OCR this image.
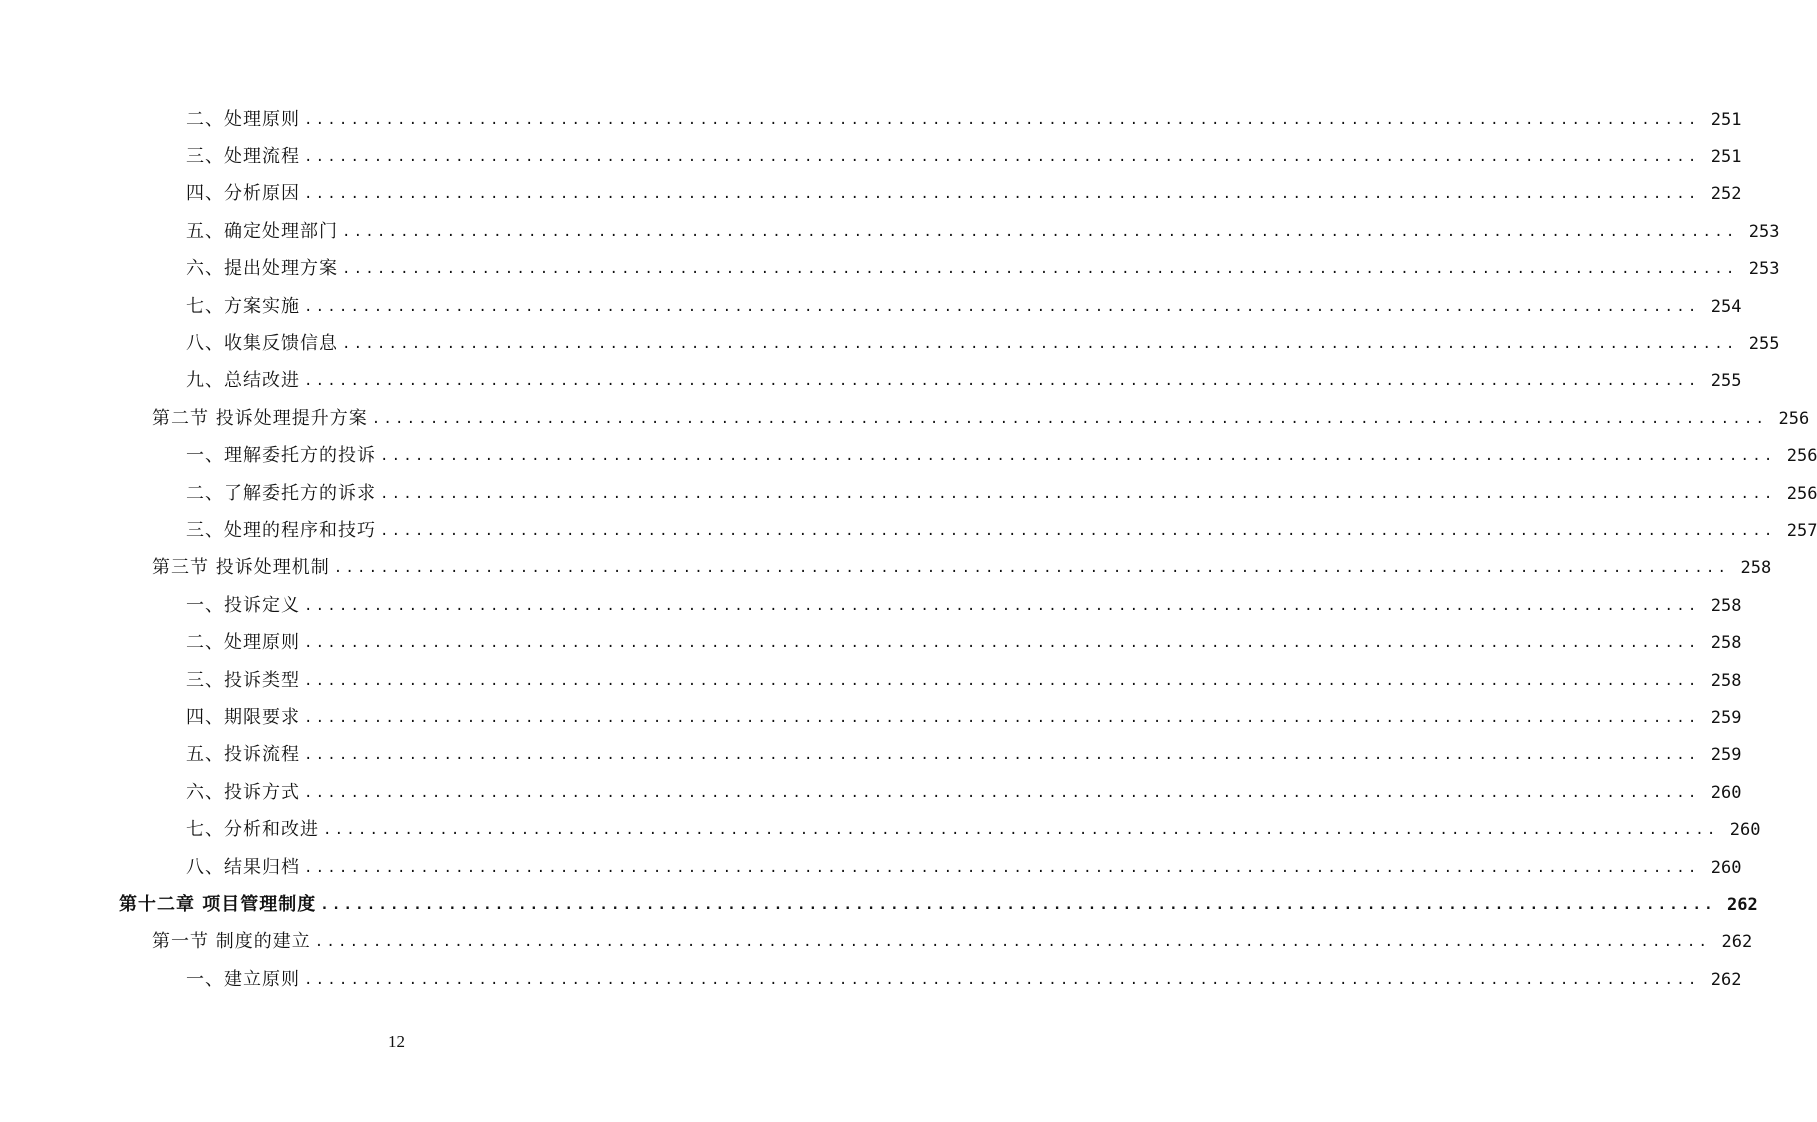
二、处理原则 ........................................................................................................................ 251
三、处理流程 ........................................................................................................................ 251
四、分析原因 ........................................................................................................................ 252
五、确定处理部门 ........................................................................................................................ 253
六、提出处理方案 ........................................................................................................................ 253
七、方案实施 ........................................................................................................................ 254
八、收集反馈信息 ........................................................................................................................ 255
九、总结改进 ........................................................................................................................ 255
第二节 投诉处理提升方案 ........................................................................................................................ 256
一、理解委托方的投诉 ........................................................................................................................ 256
二、了解委托方的诉求 ........................................................................................................................ 256
三、处理的程序和技巧 ........................................................................................................................ 257
第三节 投诉处理机制 ........................................................................................................................ 258
一、投诉定义 ........................................................................................................................ 258
二、处理原则 ........................................................................................................................ 258
三、投诉类型 ........................................................................................................................ 258
四、期限要求 ........................................................................................................................ 259
五、投诉流程 ........................................................................................................................ 259
六、投诉方式 ........................................................................................................................ 260
七、分析和改进 ........................................................................................................................ 260
八、结果归档 ........................................................................................................................ 260
第十二章 项目管理制度 ........................................................................................................................ 262
第一节 制度的建立 ........................................................................................................................ 262
一、建立原则 ........................................................................................................................ 262
12
